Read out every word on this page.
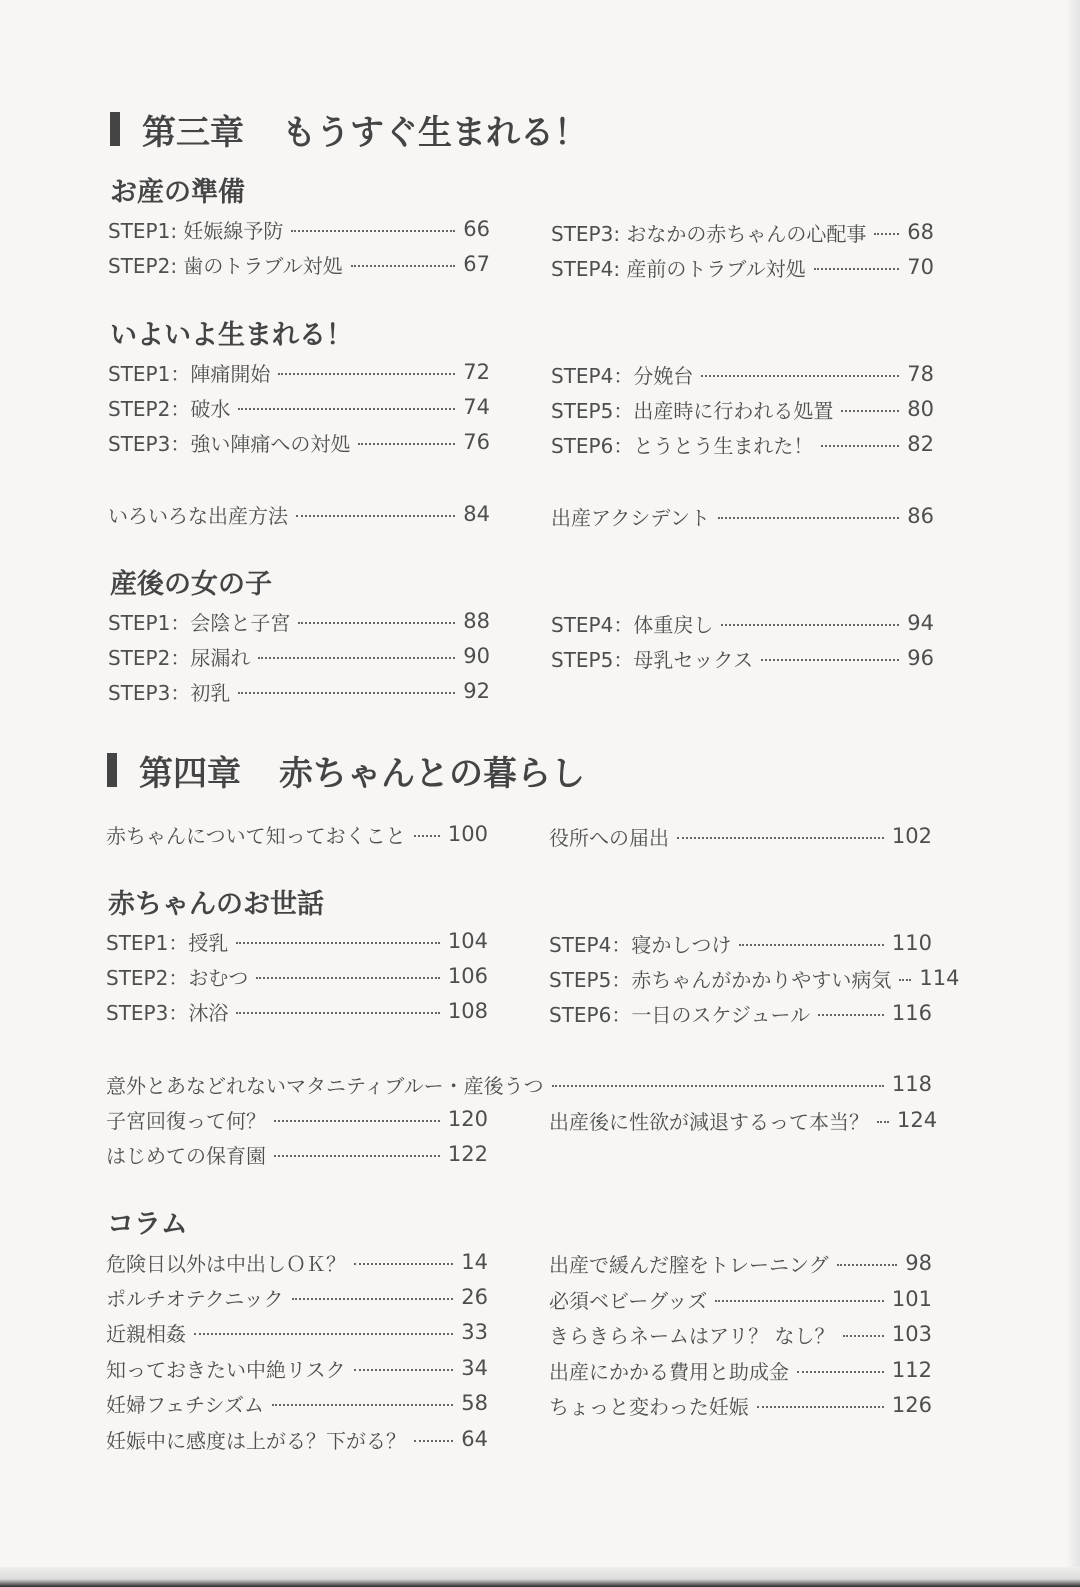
第三章 もうすぐ生まれる！
お産の準備
STEP1: 妊娠線予防	66
STEP2: 歯のトラブル対処	67
STEP3: おなかの赤ちゃんの心配事 68
STEP4: 産前のトラブル対処	70
いよいよ生まれる！
STEP1：陣痛開始	72
STEP2：破水	74
STEP3：強い陣痛への対処	76
STEP4：分娩台	78
STEP5：出産時に行われる処置	80
STEP6：とうとう生まれた！	82
いろいろな出産方法	84	出産アクシデント	86
産後の女の子
STEP1：会陰と子宮	88
STEP2：尿漏れ	90
STEP3：初乳	92
STEP4：体重戻し	94
STEP5：母乳セックス	96
第四章 赤ちゃんとの暮らし
赤ちゃんについて知っておくこと 100	役所への届出	102
赤ちゃんのお世話
STEP1：授乳	104
STEP2：おむつ	106
STEP3：沐浴	108
STEP4：寝かしつけ	110
STEP5：赤ちゃんがかかりやすい病気 114
STEP6：一日のスケジュール	116
意外とあなどれないマタニティブルー・産後うつ	118
子宮回復って何？	120
はじめての保育園	122
出産後に性欲が減退するって本当？ 124
コラム
危険日以外は中出しＯＫ？	14
ポルチオテクニック	26
近親相姦	33
知っておきたい中絶リスク	34
妊婦フェチシズム	58
妊娠中に感度は上がる？下がる？	64
出産で緩んだ膣をトレーニング	98
必須ベビーグッズ	101
きらきらネームはアリ？ なし？	103
出産にかかる費用と助成金	112
ちょっと変わった妊娠	126
